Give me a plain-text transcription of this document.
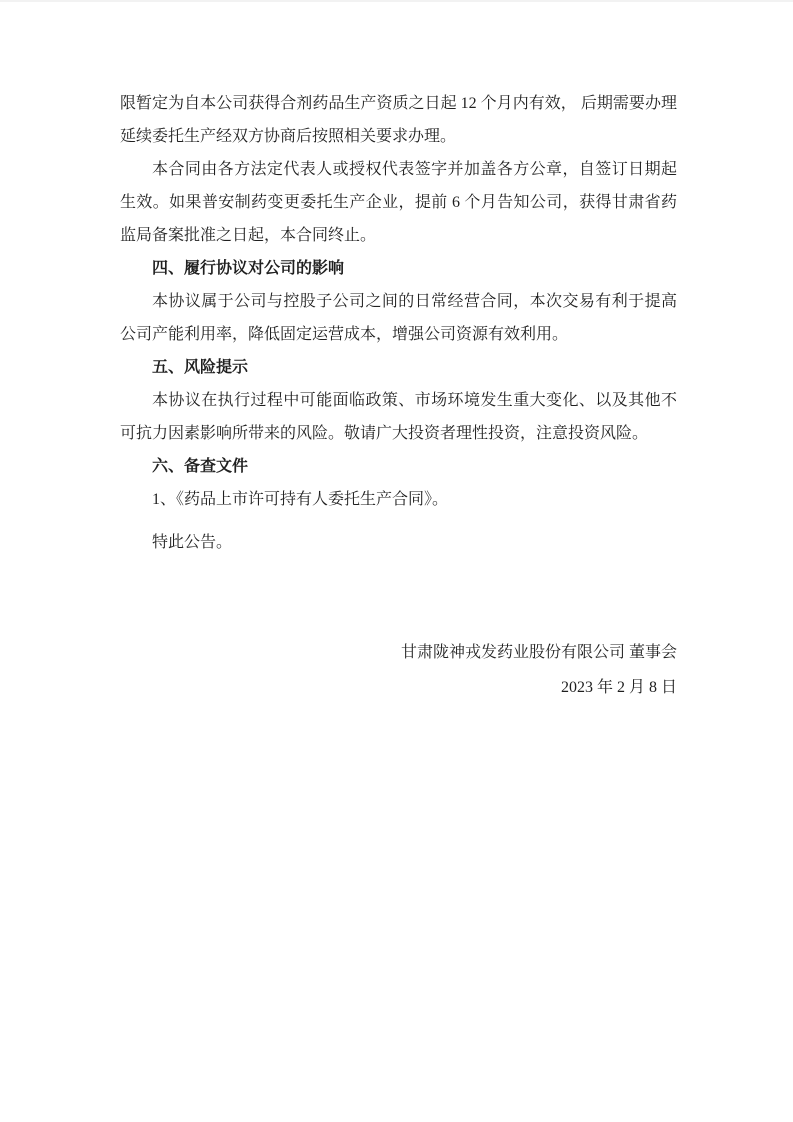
限暂定为自本公司获得合剂药品生产资质之日起 12 个月内有效， 后期需要办理延续委托生产经双方协商后按照相关要求办理。

本合同由各方法定代表人或授权代表签字并加盖各方公章，自签订日期起生效。如果普安制药变更委托生产企业，提前 6 个月告知公司，获得甘肃省药监局备案批准之日起，本合同终止。

四、履行协议对公司的影响

本协议属于公司与控股子公司之间的日常经营合同，本次交易有利于提高公司产能利用率，降低固定运营成本，增强公司资源有效利用。

五、风险提示

本协议在执行过程中可能面临政策、市场环境发生重大变化、以及其他不可抗力因素影响所带来的风险。敬请广大投资者理性投资，注意投资风险。

六、备查文件

1、《药品上市许可持有人委托生产合同》。

特此公告。

甘肃陇神戎发药业股份有限公司 董事会

2023 年 2 月 8 日
